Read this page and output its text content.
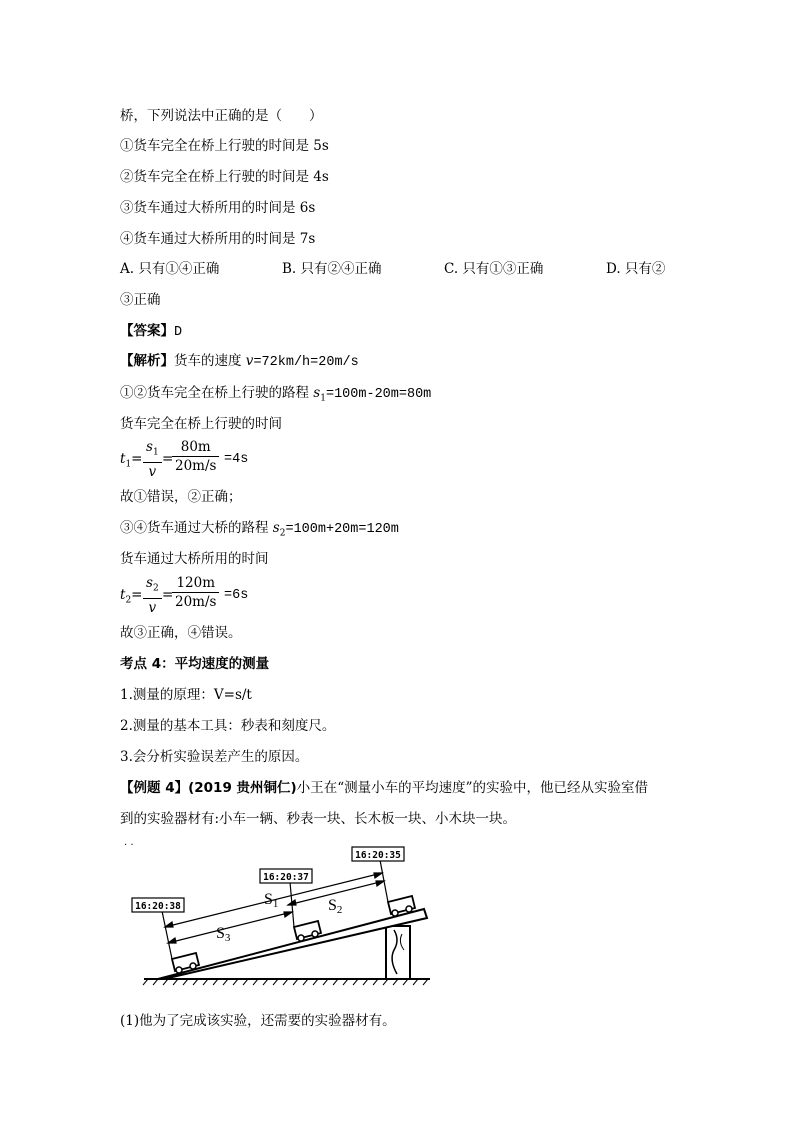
桥，下列说法中正确的是（　　）
①货车完全在桥上行驶的时间是 5s
②货车完全在桥上行驶的时间是 4s
③货车通过大桥所用的时间是 6s
④货车通过大桥所用的时间是 7s
A. 只有①④正确	B. 只有②④正确	C. 只有①③正确	D. 只有②
③正确
【答案】D
【解析】货车的速度 v=72km/h=20m/s
①②货车完全在桥上行驶的路程 $s_1=100m-20m=80m$
货车完全在桥上行驶的时间
$t_1= \frac{s_1}{v}$ =
$\frac{80m}{20m/s} =4s$
故①错误，②正确；
③④货车通过大桥的路程 $s_2=100m+20m=120m$
货车通过大桥所用的时间
$t_2= \frac{s_2}{v}$ =
$\frac{120m}{20m/s} =6s$
故③正确，④错误。
考点 4：平均速度的测量
1.测量的原理：V=s/t
2.测量的基本工具：秒表和刻度尺。
3.会分析实验误差产生的原因。
【例题 4】(2019 贵州铜仁)小王在“测量小车的平均速度”的实验中，他已经从实验室借
到的实验器材有:小车一辆、秒表一块、长木板一块、小木块一块。
· ·
S1	S2
S3
16:20:38
16:20:37
16:20:35
(1)他为了完成该实验，还需要的实验器材有。
